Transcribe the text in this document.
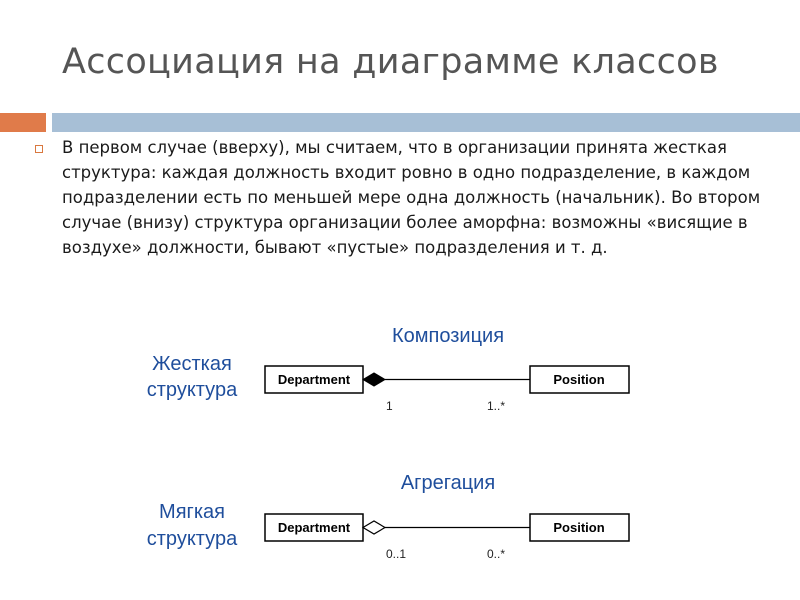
Ассоциация на диаграмме классов
В первом случае (вверху), мы считаем, что в организации принята жесткая структура: каждая должность входит ровно в одно подразделение, в каждом подразделении есть по меньшей мере одна должность (начальник). Во втором случае (внизу) структура организации более аморфна: возможны «висящие в воздухе» должности, бывают «пустые» подразделения и т. д.
Жесткая
структура
Композиция
Department	Position
1	1..*
Мягкая
структура
Агрегация
Department	Position
0..1	0..*
